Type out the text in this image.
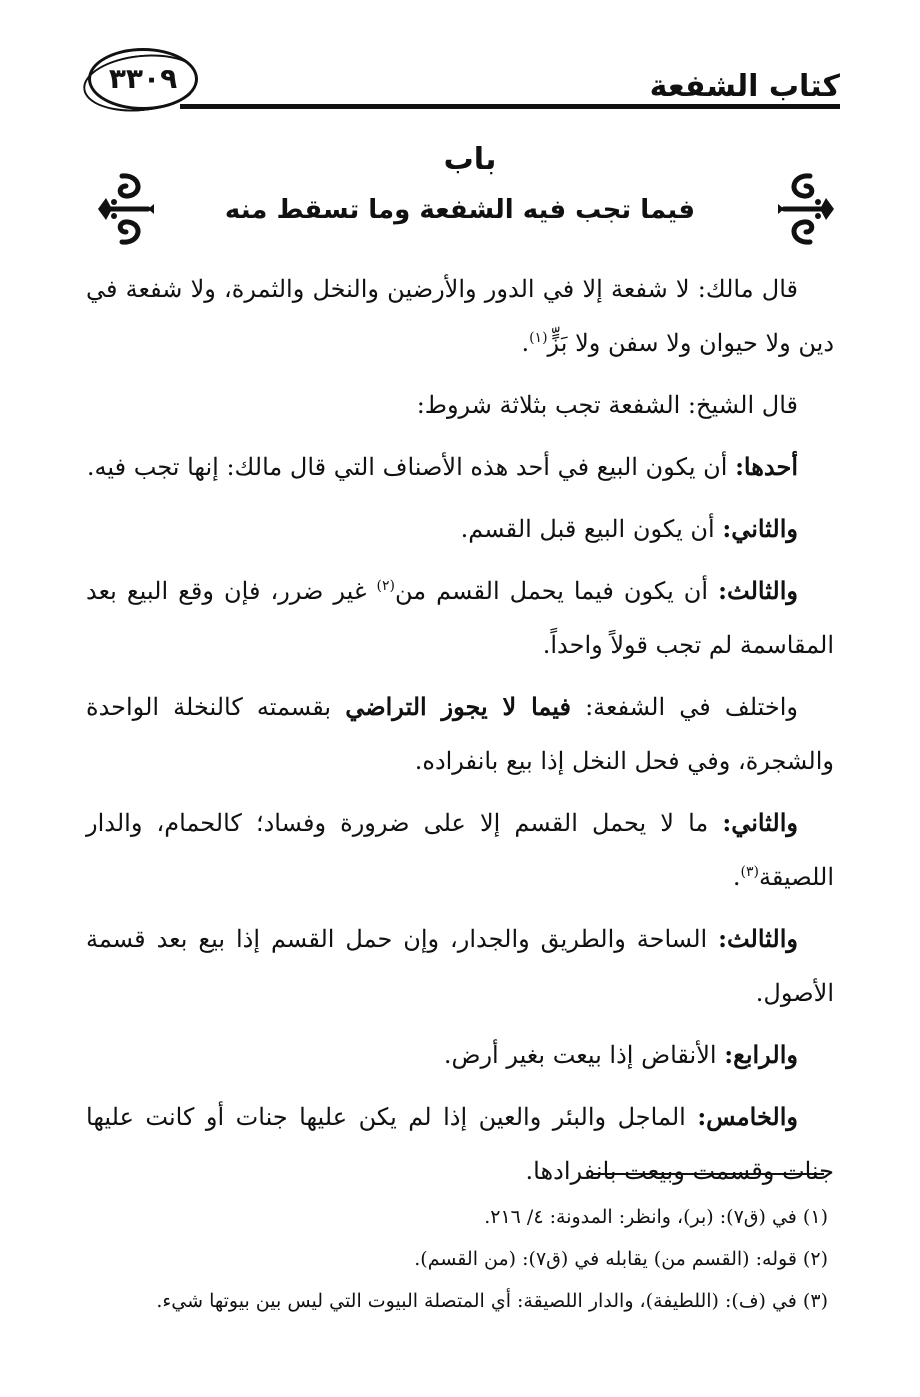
كتاب الشفعة
٣٣٠٩
باب
فيما تجب فيه الشفعة وما تسقط منه

قال مالك: لا شفعة إلا في الدور والأرضين والنخل والثمرة، ولا شفعة في دين ولا حيوان ولا سفن ولا بَزٍّ$^{(١)}$.

قال الشيخ: الشفعة تجب بثلاثة شروط:

أحدها: أن يكون البيع في أحد هذه الأصناف التي قال مالك: إنها تجب فيه.

والثاني: أن يكون البيع قبل القسم.

والثالث: أن يكون فيما يحمل القسم من$^{(٢)}$ غير ضرر، فإن وقع البيع بعد المقاسمة لم تجب قولاً واحداً.

واختلف في الشفعة: فيما لا يجوز التراضي بقسمته كالنخلة الواحدة والشجرة، وفي فحل النخل إذا بيع بانفراده.

والثاني: ما لا يحمل القسم إلا على ضرورة وفساد؛ كالحمام، والدار اللصيقة$^{(٣)}$.

والثالث: الساحة والطريق والجدار، وإن حمل القسم إذا بيع بعد قسمة الأصول.

والرابع: الأنقاض إذا بيعت بغير أرض.

والخامس: الماجل والبئر والعين إذا لم يكن عليها جنات أو كانت عليها جنات وقسمت وبيعت بانفرادها.

(١) في (ق٧): (بر)، وانظر: المدونة: ٤/ ٢١٦.

(٢) قوله: (القسم من) يقابله في (ق٧): (من القسم).

(٣) في (ف): (اللطيفة)، والدار اللصيقة: أي المتصلة البيوت التي ليس بين بيوتها شيء.
